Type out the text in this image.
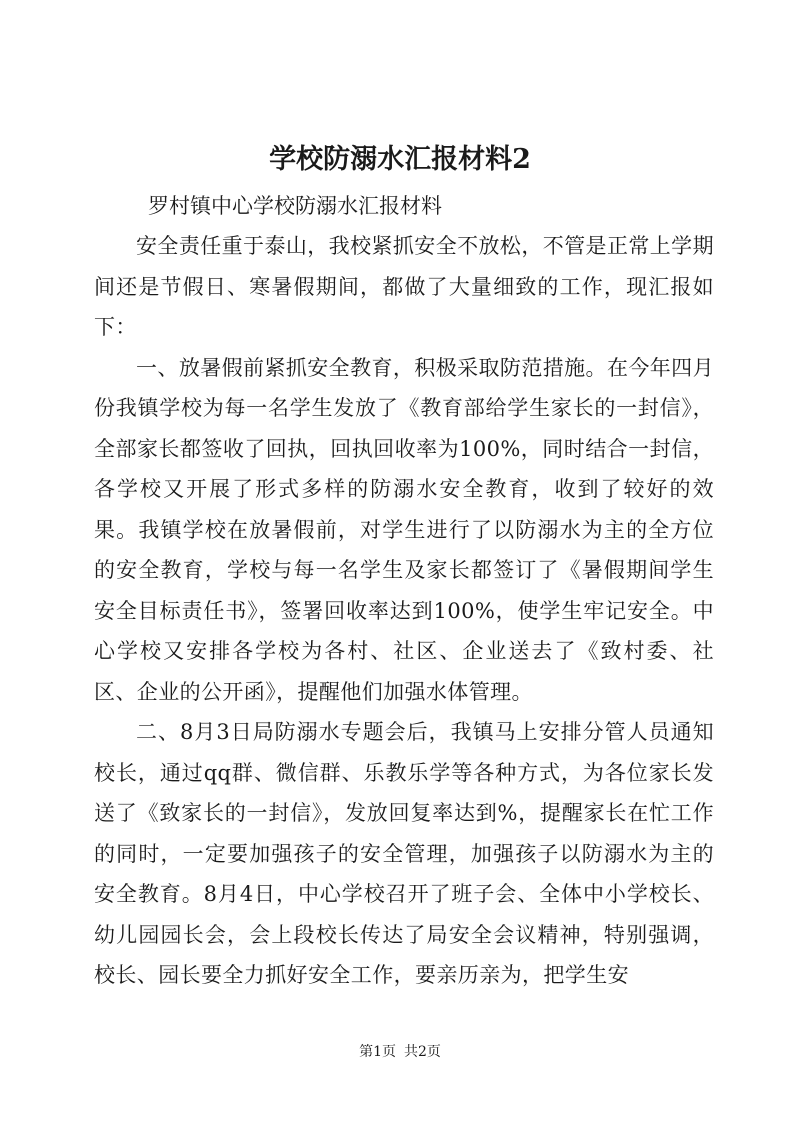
学校防溺水汇报材料2

罗村镇中心学校防溺水汇报材料

安全责任重于泰山，我校紧抓安全不放松，不管是正常上学期间还是节假日、寒暑假期间，都做了大量细致的工作，现汇报如下：

一、放暑假前紧抓安全教育，积极采取防范措施。在今年四月份我镇学校为每一名学生发放了《教育部给学生家长的一封信》，全部家长都签收了回执，回执回收率为100%，同时结合一封信，各学校又开展了形式多样的防溺水安全教育，收到了较好的效果。我镇学校在放暑假前，对学生进行了以防溺水为主的全方位的安全教育，学校与每一名学生及家长都签订了《暑假期间学生安全目标责任书》，签署回收率达到100%，使学生牢记安全。中心学校又安排各学校为各村、社区、企业送去了《致村委、社区、企业的公开函》，提醒他们加强水体管理。

二、8月3日局防溺水专题会后，我镇马上安排分管人员通知校长，通过qq群、微信群、乐教乐学等各种方式，为各位家长发送了《致家长的一封信》，发放回复率达到%，提醒家长在忙工作的同时，一定要加强孩子的安全管理，加强孩子以防溺水为主的安全教育。8月4日，中心学校召开了班子会、全体中小学校长、幼儿园园长会，会上段校长传达了局安全会议精神，特别强调，校长、园长要全力抓好安全工作，要亲历亲为，把学生安

第1页 共2页
